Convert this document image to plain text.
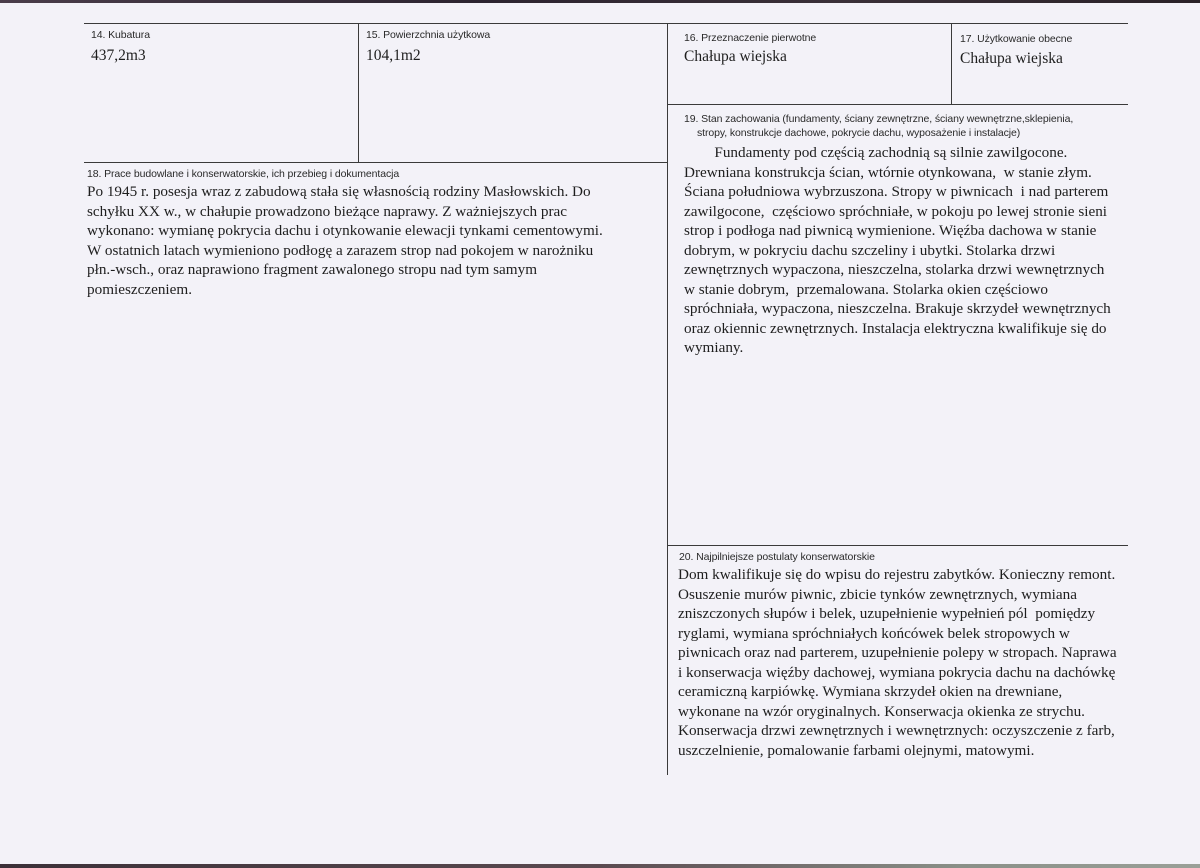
14. Kubatura
437,2m3
15. Powierzchnia użytkowa
104,1m2
16. Przeznaczenie pierwotne
Chałupa wiejska
17. Użytkowanie obecne
Chałupa wiejska
18. Prace budowlane i konserwatorskie, ich przebieg i dokumentacja
Po 1945 r. posesja wraz z zabudową stała się własnością rodziny Masłowskich. Do
schyłku XX w., w chałupie prowadzono bieżące naprawy. Z ważniejszych prac
wykonano: wymianę pokrycia dachu i otynkowanie elewacji tynkami cementowymi.
W ostatnich latach wymieniono podłogę a zarazem strop nad pokojem w narożniku
płn.-wsch., oraz naprawiono fragment zawalonego stropu nad tym samym
pomieszczeniem.
19. Stan zachowania (fundamenty, ściany zewnętrzne, ściany wewnętrzne,sklepienia,
stropy, konstrukcje dachowe, pokrycie dachu, wyposażenie i instalacje)
Fundamenty pod częścią zachodnią są silnie zawilgocone.
Drewniana konstrukcja ścian, wtórnie otynkowana,  w stanie złym.
Ściana południowa wybrzuszona. Stropy w piwnicach  i nad parterem
zawilgocone,  częściowo spróchniałe, w pokoju po lewej stronie sieni
strop i podłoga nad piwnicą wymienione. Więźba dachowa w stanie
dobrym, w pokryciu dachu szczeliny i ubytki. Stolarka drzwi
zewnętrznych wypaczona, nieszczelna, stolarka drzwi wewnętrznych
w stanie dobrym,  przemalowana. Stolarka okien częściowo
spróchniała, wypaczona, nieszczelna. Brakuje skrzydeł wewnętrznych
oraz okiennic zewnętrznych. Instalacja elektryczna kwalifikuje się do
wymiany.
20. Najpilniejsze postulaty konserwatorskie
Dom kwalifikuje się do wpisu do rejestru zabytków. Konieczny remont.
Osuszenie murów piwnic, zbicie tynków zewnętrznych, wymiana
zniszczonych słupów i belek, uzupełnienie wypełnień pól  pomiędzy
ryglami, wymiana spróchniałych końcówek belek stropowych w
piwnicach oraz nad parterem, uzupełnienie polepy w stropach. Naprawa
i konserwacja więźby dachowej, wymiana pokrycia dachu na dachówkę
ceramiczną karpiówkę. Wymiana skrzydeł okien na drewniane,
wykonane na wzór oryginalnych. Konserwacja okienka ze strychu.
Konserwacja drzwi zewnętrznych i wewnętrznych: oczyszczenie z farb,
uszczelnienie, pomalowanie farbami olejnymi, matowymi.
